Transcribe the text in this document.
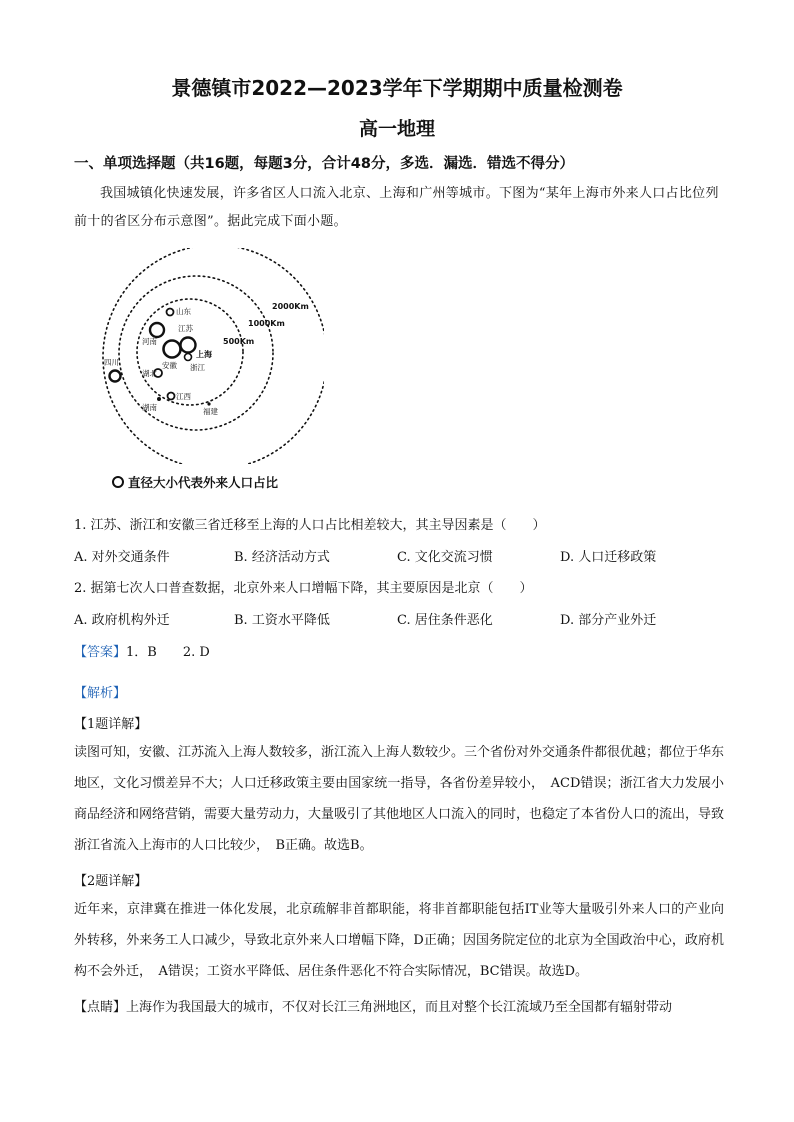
景德镇市2022—2023学年下学期期中质量检测卷
高一地理
一、单项选择题（共16题，每题3分，合计48分，多选．漏选．错选不得分）
我国城镇化快速发展，许多省区人口流入北京、上海和广州等城市。下图为“某年上海市外来人口占比位列前十的省区分布示意图”。据此完成下面小题。
2000Km
1000Km
500Km
山东
江苏
河南
安徽
上海
浙江
四川
湖北
江西
湖南	福建
直径大小代表外来人口占比
1. 江苏、浙江和安徽三省迁移至上海的人口占比相差较大，其主导因素是（　　）
A. 对外交通条件	B. 经济活动方式	C. 文化交流习惯	D. 人口迁移政策
2. 据第七次人口普查数据，北京外来人口增幅下降，其主要原因是北京（　　）
A. 政府机构外迁	B. 工资水平降低	C. 居住条件恶化	D. 部分产业外迁
【答案】1．B　　2. D
【解析】
【1题详解】
读图可知，安徽、江苏流入上海人数较多，浙江流入上海人数较少。三个省份对外交通条件都很优越；都位于华东地区，文化习惯差异不大；人口迁移政策主要由国家统一指导，各省份差异较小，　ACD错误；浙江省大力发展小商品经济和网络营销，需要大量劳动力，大量吸引了其他地区人口流入的同时，也稳定了本省份人口的流出，导致浙江省流入上海市的人口比较少，　B正确。故选B。
【2题详解】
近年来，京津冀在推进一体化发展，北京疏解非首都职能，将非首都职能包括IT业等大量吸引外来人口的产业向外转移，外来务工人口减少，导致北京外来人口增幅下降，D正确；因国务院定位的北京为全国政治中心，政府机构不会外迁，　A错误；工资水平降低、居住条件恶化不符合实际情况，BC错误。故选D。
【点睛】上海作为我国最大的城市，不仅对长江三角洲地区，而且对整个长江流域乃至全国都有辐射带动
